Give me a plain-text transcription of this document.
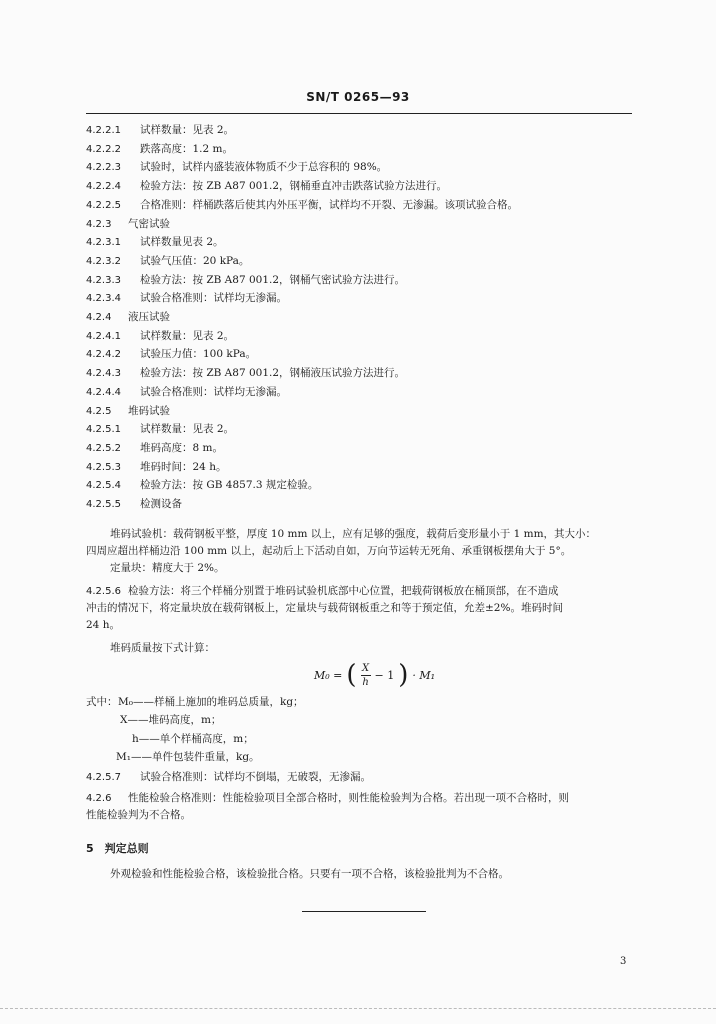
SN/T 0265—93
4.2.2.1 试样数量：见表 2。
4.2.2.2 跌落高度：1.2 m。
4.2.2.3 试验时，试样内盛装液体物质不少于总容积的 98%。
4.2.2.4 检验方法：按 ZB A87 001.2，钢桶垂直冲击跌落试验方法进行。
4.2.2.5 合格准则：样桶跌落后使其内外压平衡，试样均不开裂、无渗漏。该项试验合格。
4.2.3 气密试验
4.2.3.1 试样数量见表 2。
4.2.3.2 试验气压值：20 kPa。
4.2.3.3 检验方法：按 ZB A87 001.2，钢桶气密试验方法进行。
4.2.3.4 试验合格准则：试样均无渗漏。
4.2.4 液压试验
4.2.4.1 试样数量：见表 2。
4.2.4.2 试验压力值：100 kPa。
4.2.4.3 检验方法：按 ZB A87 001.2，钢桶液压试验方法进行。
4.2.4.4 试验合格准则：试样均无渗漏。
4.2.5 堆码试验
4.2.5.1 试样数量：见表 2。
4.2.5.2 堆码高度：8 m。
4.2.5.3 堆码时间：24 h。
4.2.5.4 检验方法：按 GB 4857.3 规定检验。
4.2.5.5 检测设备
堆码试验机：载荷钢板平整，厚度 10 mm 以上，应有足够的强度，载荷后变形量小于 1 mm，其大小：
四周应超出样桶边沿 100 mm 以上，起动后上下活动自如，万向节运转无死角、承重钢板摆角大于 5°。
定量块：精度大于 2%。
4.2.5.6 检验方法：将三个样桶分别置于堆码试验机底部中心位置，把载荷钢板放在桶顶部，在不造成
冲击的情况下，将定量块放在载荷钢板上，定量块与载荷钢板重之和等于预定值，允差±2%。堆码时间
24 h。
堆码质量按下式计算：
M₀ = ( $\frac{X}{h} - 1$ ) · M₁
式中： M₀——样桶上施加的堆码总质量，kg；
X——堆码高度，m；
h——单个样桶高度，m；
M₁——单件包装件重量，kg。
4.2.5.7 试验合格准则：试样均不倒塌，无破裂，无渗漏。
4.2.6 性能检验合格准则：性能检验项目全部合格时，则性能检验判为合格。若出现一项不合格时，则
性能检验判为不合格。
5　判定总则
外观检验和性能检验合格，该检验批合格。只要有一项不合格，该检验批判为不合格。
3
